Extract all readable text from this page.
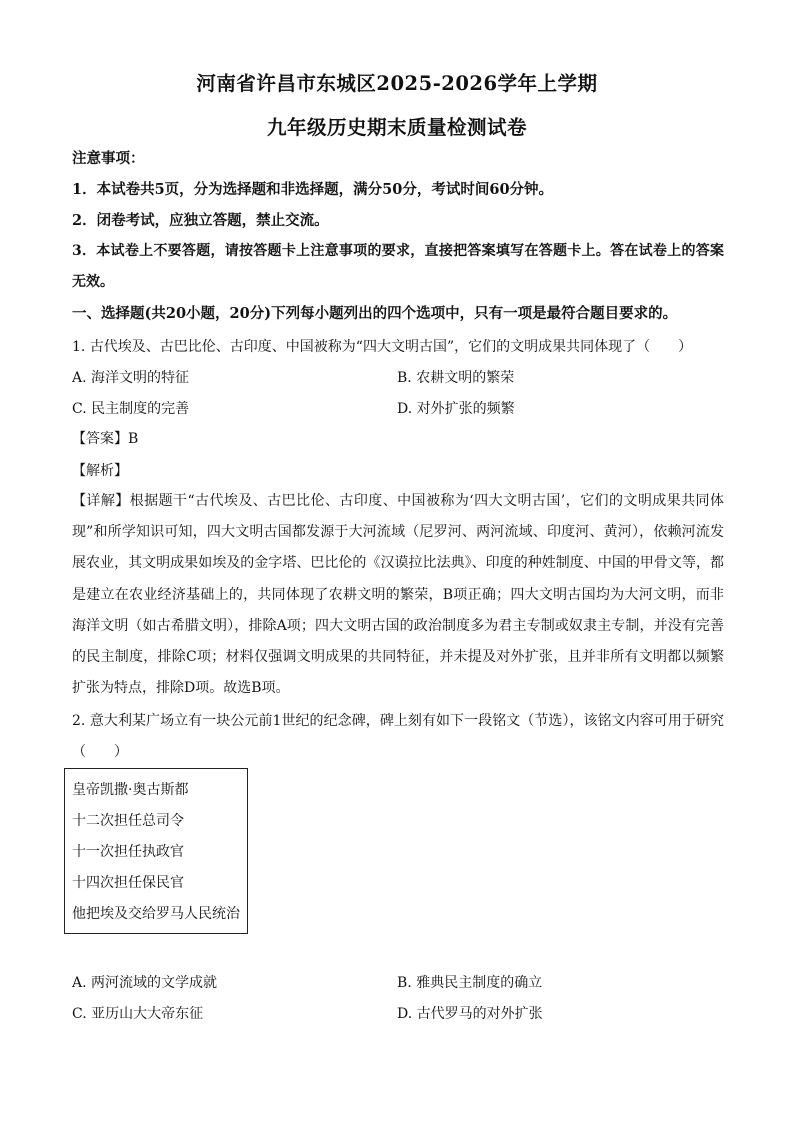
河南省许昌市东城区2025-2026学年上学期
九年级历史期末质量检测试卷
注意事项：
1．本试卷共5页，分为选择题和非选择题，满分50分，考试时间60分钟。
2．闭卷考试，应独立答题，禁止交流。
3．本试卷上不要答题，请按答题卡上注意事项的要求，直接把答案填写在答题卡上。答在试卷上的答案无效。
一、选择题(共20小题，20分)下列每小题列出的四个选项中，只有一项是最符合题目要求的。
1. 古代埃及、古巴比伦、古印度、中国被称为“四大文明古国”，它们的文明成果共同体现了（　　）
A. 海洋文明的特征	B. 农耕文明的繁荣
C. 民主制度的完善	D. 对外扩张的频繁
【答案】B
【解析】
【详解】根据题干“古代埃及、古巴比伦、古印度、中国被称为‘四大文明古国’，它们的文明成果共同体现”和所学知识可知，四大文明古国都发源于大河流域（尼罗河、两河流域、印度河、黄河），依赖河流发展农业，其文明成果如埃及的金字塔、巴比伦的《汉谟拉比法典》、印度的种姓制度、中国的甲骨文等，都是建立在农业经济基础上的，共同体现了农耕文明的繁荣，B项正确；四大文明古国均为大河文明，而非海洋文明（如古希腊文明），排除A项；四大文明古国的政治制度多为君主专制或奴隶主专制，并没有完善的民主制度，排除C项；材料仅强调文明成果的共同特征，并未提及对外扩张，且并非所有文明都以频繁扩张为特点，排除D项。故选B项。
2. 意大利某广场立有一块公元前1世纪的纪念碑，碑上刻有如下一段铭文（节选），该铭文内容可用于研究（　　）
皇帝凯撒·奥古斯都
十二次担任总司令
十一次担任执政官
十四次担任保民官
他把埃及交给罗马人民统治
A. 两河流域的文学成就	B. 雅典民主制度的确立
C. 亚历山大大帝东征	D. 古代罗马的对外扩张
